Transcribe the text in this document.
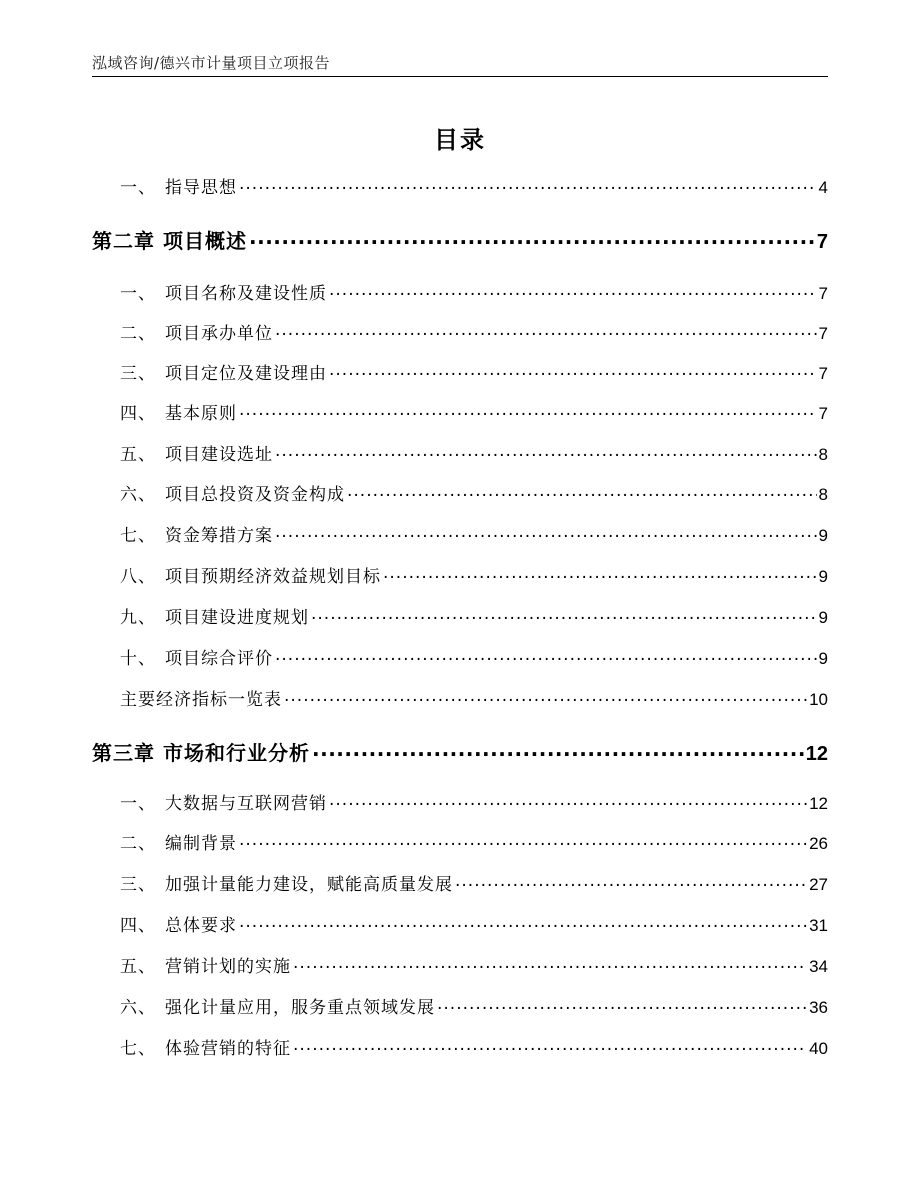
泓域咨询/德兴市计量项目立项报告
目录
一、 指导思想 .....	4
第二章 项目概述 .....	7
一、 项目名称及建设性质 .....	7
二、 项目承办单位 .....	7
三、 项目定位及建设理由 .....	7
四、 基本原则 .....	7
五、 项目建设选址 .....	8
六、 项目总投资及资金构成 .....	8
七、 资金筹措方案 .....	9
八、 项目预期经济效益规划目标 .....	9
九、 项目建设进度规划 .....	9
十、 项目综合评价 .....	9
主要经济指标一览表 .....	10
第三章 市场和行业分析 .....	12
一、 大数据与互联网营销 .....	12
二、 编制背景 .....	26
三、 加强计量能力建设，赋能高质量发展 .....	27
四、 总体要求 .....	31
五、 营销计划的实施 .....	34
六、 强化计量应用，服务重点领域发展 .....	36
七、 体验营销的特征 .....	40
